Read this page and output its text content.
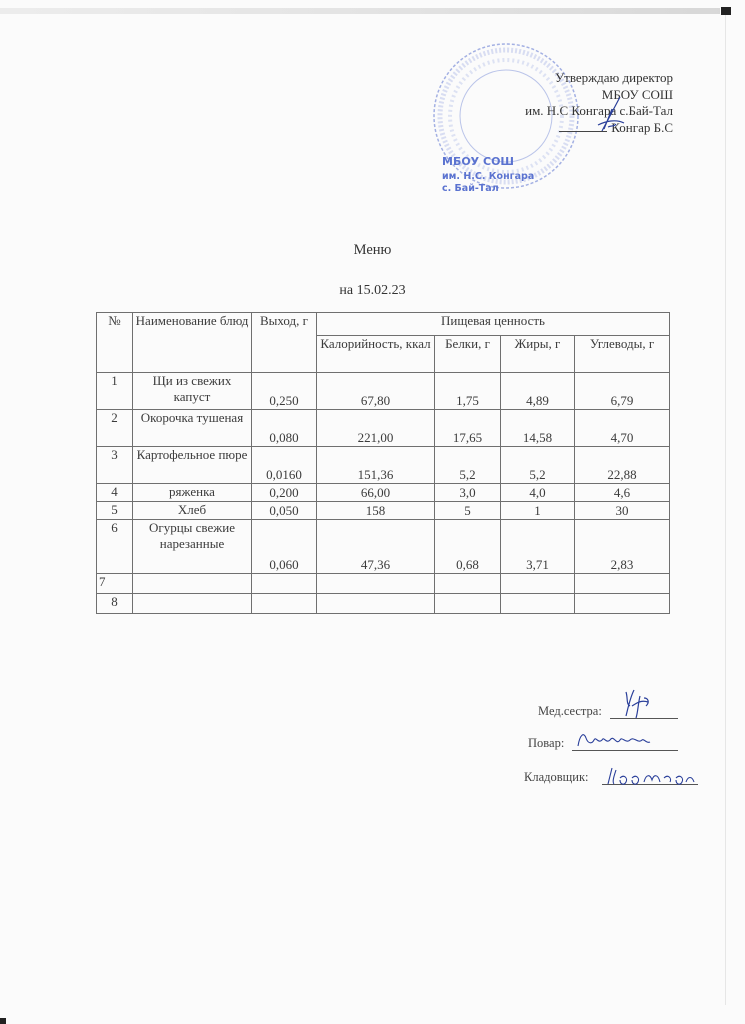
МБОУ СОШ
им. Н.С. Конгара
с. Бай-Тал
Утверждаю директор
МБОУ СОШ
им. Н.С Конгара с.Бай-Тал
Конгар Б.С
Меню
на 15.02.23
№	Наименование блюд	Выход, г	Пищевая ценность			
			Калорийность, ккал	Белки, г	Жиры, г	Углеводы, г
1	Щи из свежих капуст	0,250	67,80	1,75	4,89	6,79
2	Окорочка тушеная	0,080	221,00	17,65	14,58	4,70
3	Картофельное пюре	0,0160	151,36	5,2	5,2	22,88
4	ряженка	0,200	66,00	3,0	4,0	4,6
5	Хлеб	0,050	158	5	1	30
6	Огурцы свежие нарезанные	0,060	47,36	0,68	3,71	2,83
7						
8						
Мед.сестра:
Повар:
Кладовщик:
